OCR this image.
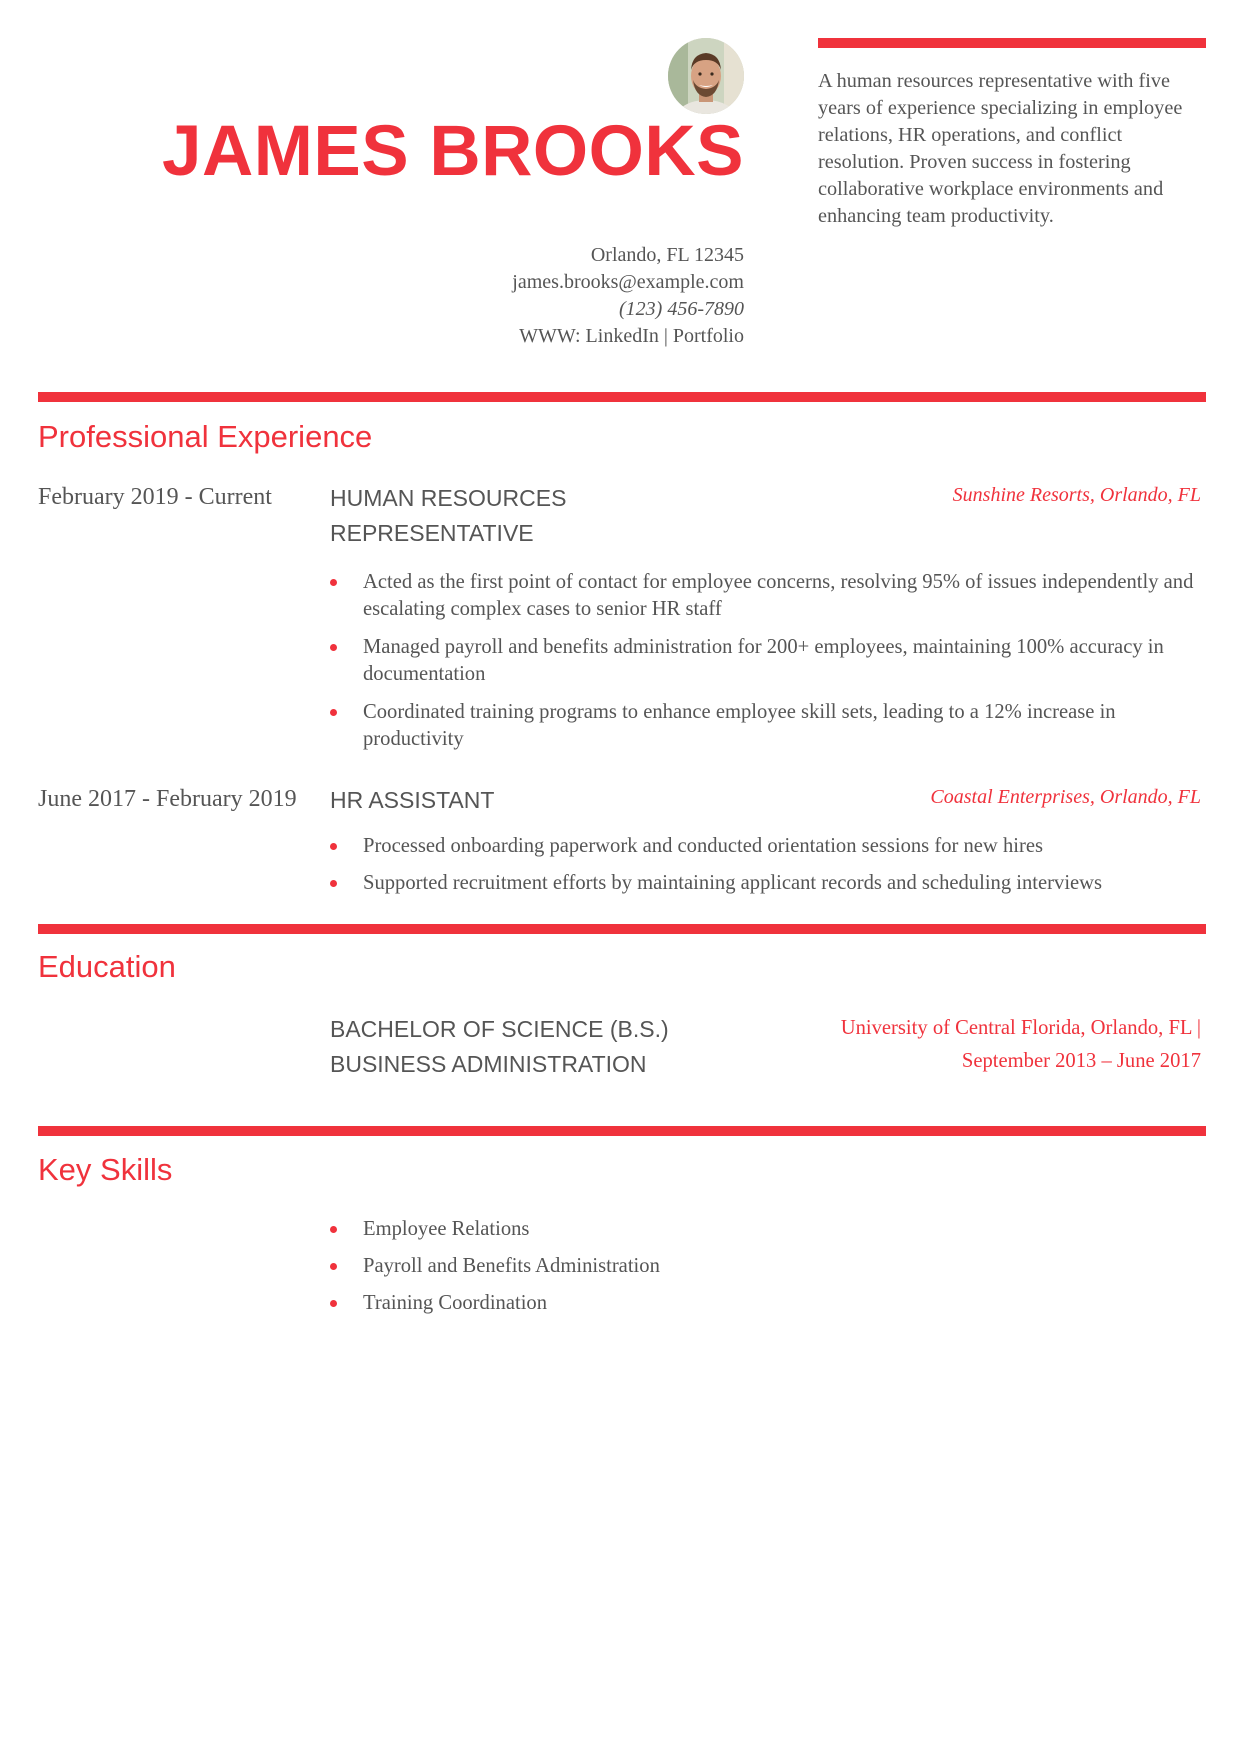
JAMES BROOKS
Orlando, FL 12345
james.brooks@example.com
(123) 456-7890
WWW: LinkedIn | Portfolio
A human resources representative with five years of experience specializing in employee relations, HR operations, and conflict resolution. Proven success in fostering collaborative workplace environments and enhancing team productivity.
Professional Experience
February 2019 - Current	HUMAN RESOURCES
REPRESENTATIVE
Sunshine Resorts, Orlando, FL
Acted as the first point of contact for employee concerns, resolving 95% of issues independently and escalating complex cases to senior HR staff
Managed payroll and benefits administration for 200+ employees, maintaining 100% accuracy in documentation
Coordinated training programs to enhance employee skill sets, leading to a 12% increase in productivity
June 2017 - February 2019 HR ASSISTANT	Coastal Enterprises, Orlando, FL
Processed onboarding paperwork and conducted orientation sessions for new hires
Supported recruitment efforts by maintaining applicant records and scheduling interviews
Education
BACHELOR OF SCIENCE (B.S.)
BUSINESS ADMINISTRATION
University of Central Florida, Orlando, FL |
September 2013 – June 2017
Key Skills
Employee Relations
Payroll and Benefits Administration
Training Coordination
